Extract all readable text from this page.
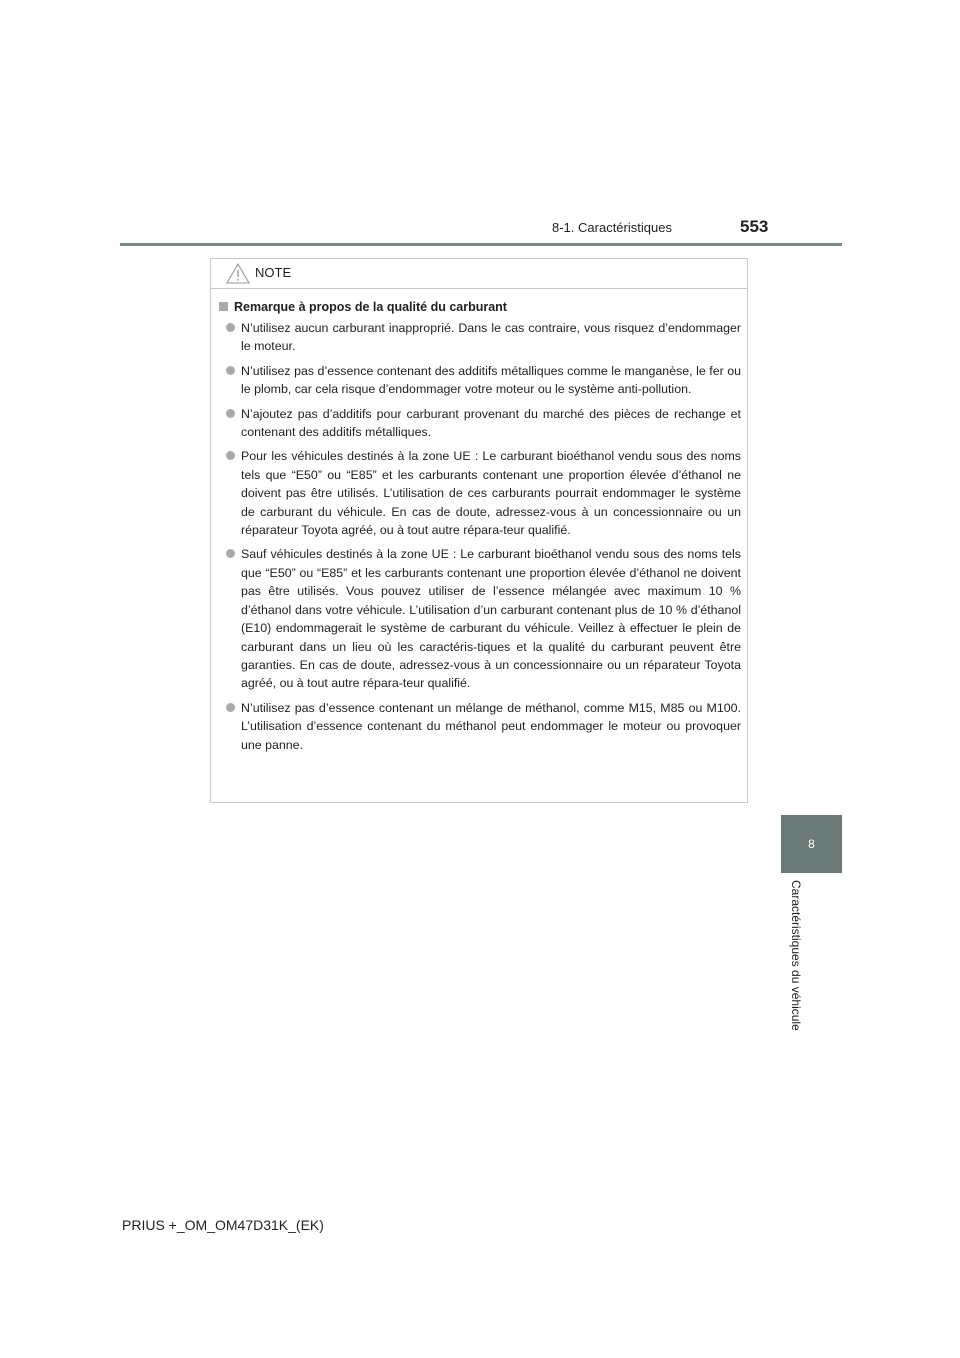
8-1. Caractéristiques	553
8
Caractéristiques du véhicule
NOTE
Remarque à propos de la qualité du carburant
N’utilisez aucun carburant inapproprié. Dans le cas contraire, vous risquez d’endommager le moteur.
N’utilisez pas d’essence contenant des additifs métalliques comme le manganèse, le fer ou le plomb, car cela risque d’endommager votre moteur ou le système anti-pollution.
N’ajoutez pas d’additifs pour carburant provenant du marché des pièces de rechange et contenant des additifs métalliques.
Pour les véhicules destinés à la zone UE : Le carburant bioéthanol vendu sous des noms tels que “E50” ou “E85” et les carburants contenant une proportion élevée d’éthanol ne doivent pas être utilisés. L’utilisation de ces carburants pourrait endommager le système de carburant du véhicule. En cas de doute, adressez-vous à un concessionnaire ou un réparateur Toyota agréé, ou à tout autre répara-teur qualifié.
Sauf véhicules destinés à la zone UE : Le carburant bioéthanol vendu sous des noms tels que “E50” ou “E85” et les carburants contenant une proportion élevée d’éthanol ne doivent pas être utilisés. Vous pouvez utiliser de l’essence mélangée avec maximum 10 % d’éthanol dans votre véhicule. L’utilisation d’un carburant contenant plus de 10 % d’éthanol (E10) endommagerait le système de carburant du véhicule. Veillez à effectuer le plein de carburant dans un lieu où les caractéris-tiques et la qualité du carburant peuvent être garanties. En cas de doute, adressez-vous à un concessionnaire ou un réparateur Toyota agréé, ou à tout autre répara-teur qualifié.
N’utilisez pas d’essence contenant un mélange de méthanol, comme M15, M85 ou M100. L’utilisation d’essence contenant du méthanol peut endommager le moteur ou provoquer une panne.
PRIUS +_OM_OM47D31K_(EK)
